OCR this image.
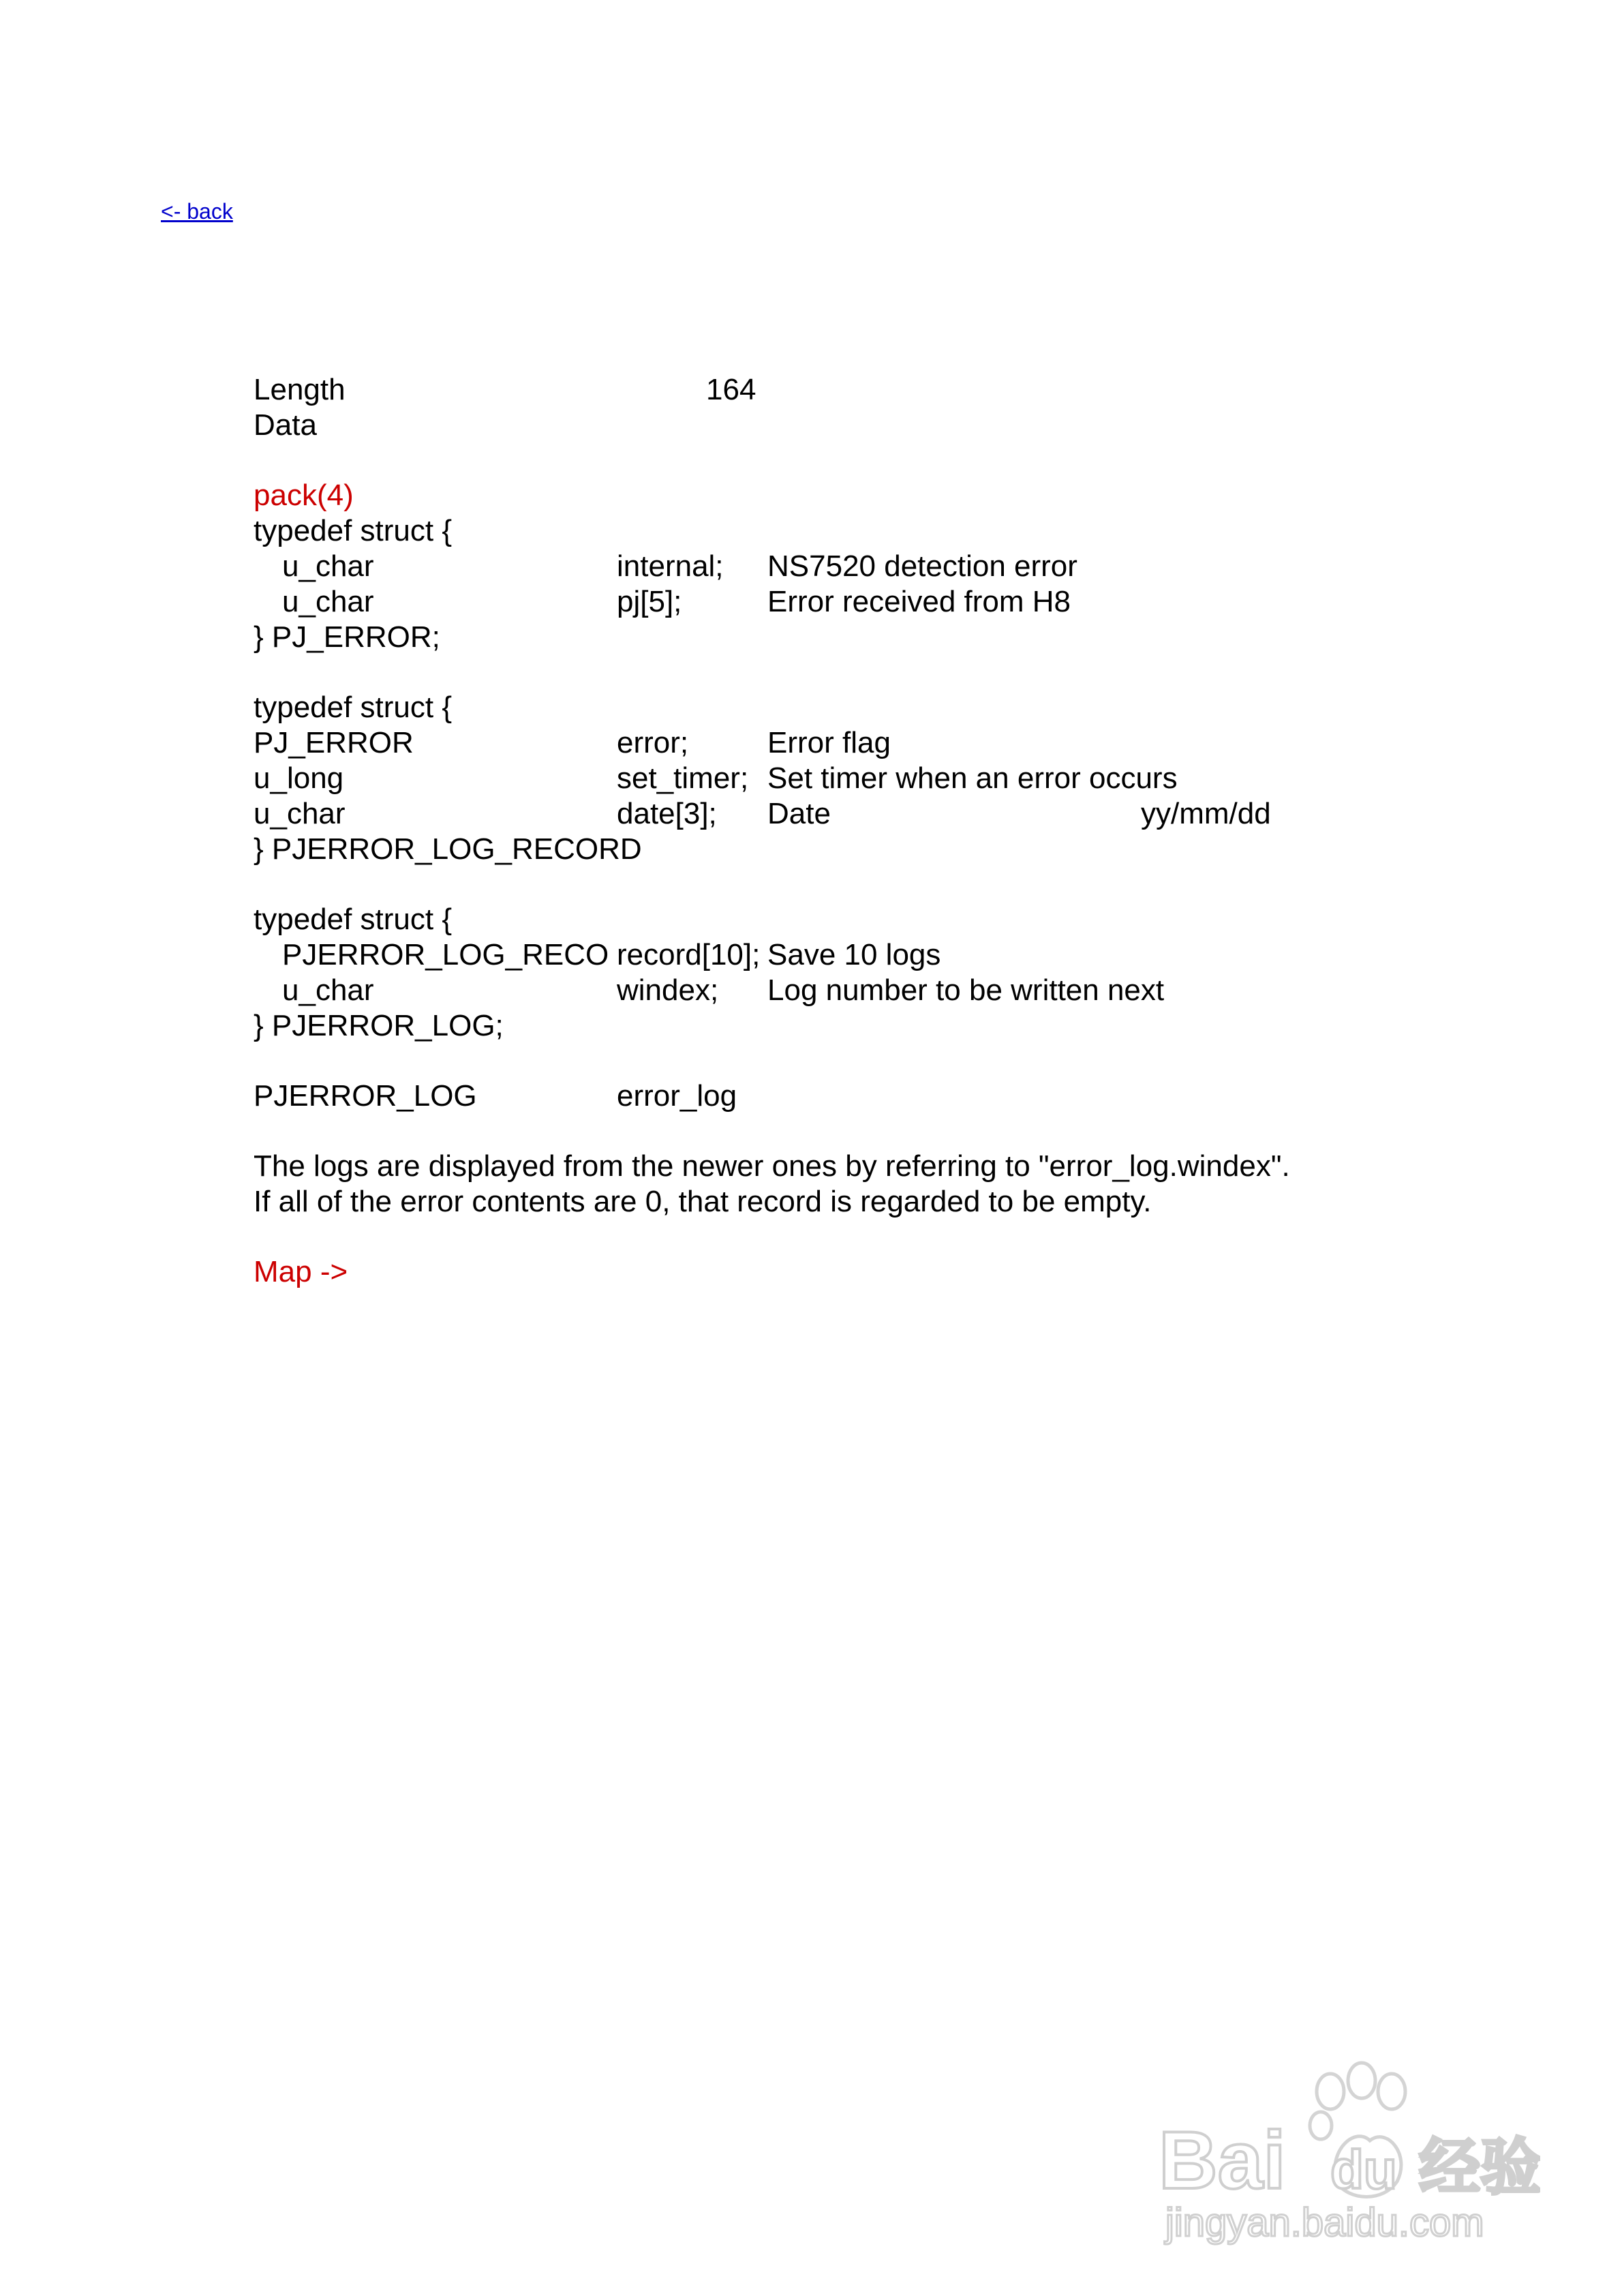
<- back
Length	164
Data
pack(4)
typedef struct {
u_char	internal; NS7520 detection error
u_char	pj[5];	Error received from H8
} PJ_ERROR;
typedef struct {
PJ_ERROR	error;	Error flag
u_long	set_timer; Set timer when an error occurs
u_char	date[3]; Date	yy/mm/dd
} PJERROR_LOG_RECORD
typedef struct {
PJERROR_LOG_RECO record[10]; Save 10 logs
u_char	windex; Log number to be written next
} PJERROR_LOG;
PJERROR_LOG	error_log
The logs are displayed from the newer ones by referring to "error_log.windex".
If all of the error contents are 0, that record is regarded to be empty.
Map ->
Bai du 经验
jingyan.baidu.com
